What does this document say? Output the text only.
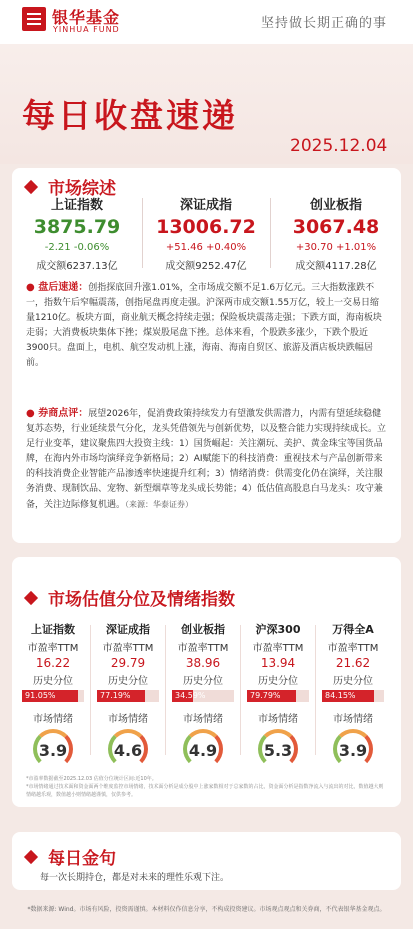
银华基金
YINHUA FUND	坚持做长期正确的事
每日收盘速递
2025.12.04
市场综述
上证指数
3875.79
-2.21 -0.06%
成交额6237.13亿
深证成指
13006.72
+51.46 +0.40%
成交额9252.47亿
创业板指
3067.48
+30.70 +1.01%
成交额4117.28亿
● 盘后速递：创指探底回升涨1.01%，全市场成交额不足1.6万亿元。三大指数涨跌不一，指数午后窄幅震荡，创指尾盘再度走强。沪深两市成交额1.55万亿，较上一交易日缩量1210亿。板块方面，商业航天概念持续走强；保险板块震荡走强；下跌方面，海南板块走弱；大消费板块集体下挫；煤炭股尾盘下挫。总体来看，个股跌多涨少，下跌个股近3900只。盘面上，电机、航空发动机上涨，海南、海南自贸区、旅游及酒店板块跌幅居前。
● 券商点评：展望2026年，促消费政策持续发力有望激发供需潜力，内需有望延续稳健复苏态势，行业延续景气分化，龙头凭借领先与创新优势，以及整合能力实现持续成长。立足行业变革，建议聚焦四大投资主线：1）国货崛起：关注潮玩、美护、黄金珠宝等国货品牌，在海内外市场均演绎竞争新格局；2）AI赋能下的科技消费：重视技术与产品创新带来的科技消费企业智能产品渗透率快速提升红利；3）情绪消费：供需变化仍在演绎，关注服务消费、现制饮品、宠物、新型烟草等龙头成长势能；4）低估值高股息白马龙头：攻守兼备，关注边际修复机遇。（来源：华泰证券）
市场估值分位及情绪指数
上证指数
市盈率TTM
16.22
历史分位
91.05%
市场情绪
3.9
深证成指
市盈率TTM
29.79
历史分位
77.19%
市场情绪
4.6
创业板指
市盈率TTM
38.96
历史分位
34.59%
市场情绪
4.9
沪深300
市盈率TTM
13.94
历史分位
79.79%
市场情绪
5.3
万得全A
市盈率TTM
21.62
历史分位
84.15%
市场情绪
3.9
*市盈率数据截至2025.12.03 估值分位统计区间:近10年。
*市场情绪通过技术面和资金面两个维度监控市场情绪，技术面分析是成分股中上涨家数相对于总家数的占比，资金面分析是指数净流入与流出的对比，数值越大则情绪越乐观，数值越小则情绪越谨慎，仅供参考。
每日金句
每一次长期持仓，都是对未来的理性乐观下注。
*数据来源: Wind。市场有风险，投资需谨慎。本材料仅作信息分享，不构成投资建议。市场观点观点和关券商，不代表银华基金观点。
